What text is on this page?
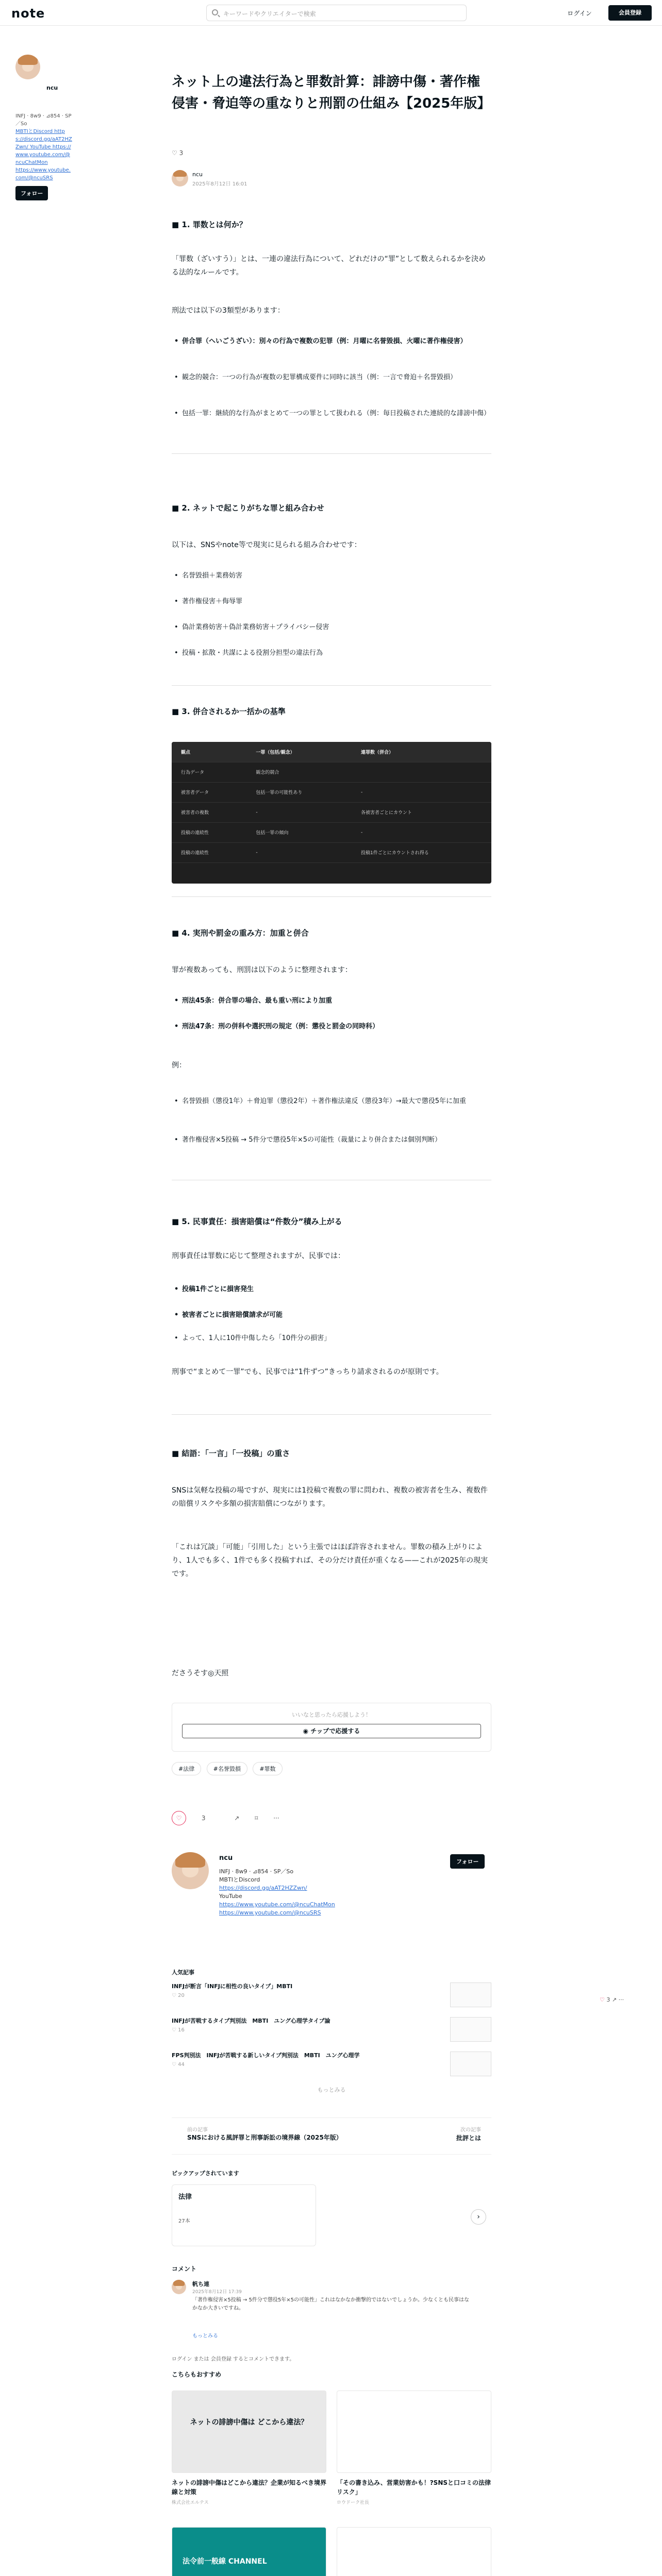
note	キーワードやクリエイターで検索	ログイン	会員登録
ncu
INFJ · 8w9 · ⊿854 · SP／So
MBTIとDiscord https://discord.gg/aAT2HZZwn/ YouTube https://www.youtube.com/@ncuChatMon
https://www.youtube.com/@ncuSRS
フォロー
ネット上の違法行為と罪数計算：誹謗中傷・著作権侵害・脅迫等の重なりと刑罰の仕組み【2025年版】
♡ 3
ncu
2025年8月12日 16:01
■ 1. 罪数とは何か？
「罪数（ざいすう）」とは、一連の違法行為について、どれだけの“罪”として数えられるかを決める法的なルールです。
刑法では以下の3類型があります：
• 併合罪（へいごうざい）：別々の行為で複数の犯罪（例：月曜に名誉毀損、火曜に著作権侵害）
• 観念的競合：一つの行為が複数の犯罪構成要件に同時に該当（例：一言で脅迫＋名誉毀損）
• 包括一罪：継続的な行為がまとめて一つの罪として扱われる（例：毎日投稿された連続的な誹謗中傷）
■ 2. ネットで起こりがちな罪と組み合わせ
以下は、SNSやnote等で現実に見られる組み合わせです：
• 名誉毀損＋業務妨害
• 著作権侵害＋侮辱罪
• 偽計業務妨害＋偽計業務妨害＋プライバシー侵害
• 投稿・拡散・共謀による役割分担型の違法行為
■ 3. 併合されるか一括かの基準
観点	一罪（包括/観念）	連罪数（併合）
行為データ	観念的競合	
被害者データ	包括一罪の可能性あり	-
被害者の複数	-	各被害者ごとにカウント
投稿の連続性	包括一罪の傾向	-
投稿の連続性	-	投稿1件ごとにカウントされ得る
■ 4. 実刑や罰金の重み方：加重と併合
罪が複数あっても、刑罰は以下のように整理されます：
• 刑法45条：併合罪の場合、最も重い刑により加重
• 刑法47条：刑の併科や選択刑の規定（例：懲役と罰金の同時科）
例：
• 名誉毀損（懲役1年）＋脅迫罪（懲役2年）＋著作権法違反（懲役3年）→最大で懲役5年に加重
• 著作権侵害×5投稿 → 5件分で懲役5年×5の可能性（裁量により併合または個別判断）
■ 5. 民事責任：損害賠償は“件数分”積み上がる
刑事責任は罪数に応じて整理されますが、民事では：
• 投稿1件ごとに損害発生
• 被害者ごとに損害賠償請求が可能
• よって、1人に10件中傷したら「10件分の損害」
刑事で“まとめて一罪”でも、民事では“1件ずつ”きっちり請求されるのが原則です。
■ 結語：「一言」「一投稿」の重さ
SNSは気軽な投稿の場ですが、現実には1投稿で複数の罪に問われ、複数の被害者を生み、複数件の賠償リスクや多額の損害賠償につながります。
「これは冗談」「可能」「引用した」という主張ではほぼ許容されません。罪数の積み上がりにより、1人でも多く、1件でも多く投稿すれば、その分だけ責任が重くなる——これが2025年の現実です。
ださうそす◎天照
いいなと思ったら応援しよう！
◉ チップで応援する
#法律	#名誉毀損	#罪数
♡	3	↗ ⌑ ···
ncu	フォロー
INFJ · 8w9 · ⊿854 · SP／So
MBTIとDiscord
https://discord.gg/aAT2HZZwn/
YouTube
https://www.youtube.com/@ncuChatMon
https://www.youtube.com/@ncuSRS
人気記事
INFJが断言「INFJに相性の良いタイプ」MBTI
♡ 20
INFJが苦戦するタイプ判別法　MBTI　ユング心理学タイプ論
♡ 16
FPS判別法　INFJが苦戦する新しいタイプ判別法　MBTI　ユング心理学
♡ 44
もっとみる
前の記事
SNSにおける風評罪と刑事訴訟の境界線（2025年版）
次の記事
批評とは
ピックアップされています
法律
27本
›
コメント
帆ち連
2025年8月12日 17:39
「著作権侵害×5投稿 → 5件分で懲役5年×5の可能性」これはなかなか衝撃的ではないでしょうか。少なくとも民事はなかなか大きいですね。
もっとみる
ログイン または 会員登録 するとコメントできます。
こちらもおすすめ
ネットの誹謗中傷は どこから違法？
ネットの誹謗中傷はどこから違法？企業が知るべき境界線と対策
株式会社エルテス
「その書き込み、営業妨害かも！?SNSと口コミの法律リスク」
ロウドーク社長
法令前一般線 CHANNEL
♡ 3 ↗ ···
